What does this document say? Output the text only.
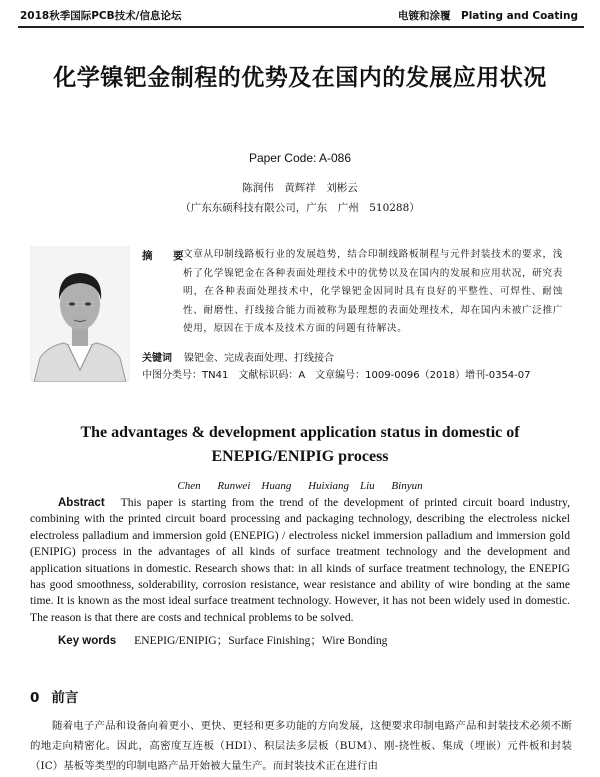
2018秋季国际PCB技术/信息论坛	电镀和涂覆　Plating and Coating
化学镍钯金制程的优势及在国内的发展应用状况
Paper Code: A-086
陈润伟　黄辉祥　刘彬云
（广东东硕科技有限公司，广东　广州　510288）
摘　要
文章从印制线路板行业的发展趋势，结合印制线路板制程与元件封装技术的要求，浅析了化学镍钯金在各种表面处理技术中的优势以及在国内的发展和应用状况，研究表明，在各种表面处理技术中，化学镍钯金因同时具有良好的平整性、可焊性、耐蚀性、耐磨性、打线接合能力而被称为最理想的表面处理技术，却在国内未被广泛推广使用，原因在于成本及技术方面的问题有待解决。
关键词 镍钯金、完成表面处理、打线接合
中图分类号：TN41　文献标识码：A　文章编号：1009-0096（2018）增刊-0354-07
The advantages & development application status in domestic of ENEPIG/ENIPIG process
Chen Runwei　Huang Huixiang　Liu Binyun
Abstract This paper is starting from the trend of the development of printed circuit board industry, combining with the printed circuit board processing and packaging technology, describing the electroless nickel electroless palladium and immersion gold (ENEPIG) / electroless nickel immersion palladium and immersion gold (ENIPIG) process in the advantages of all kinds of surface treatment technology and the development and application situations in domestic. Research shows that: in all kinds of surface treatment technology, the ENEPIG has good smoothness, solderability, corrosion resistance, wear resistance and ability of wire bonding at the same time. It is known as the most ideal surface treatment technology. However, it has not been widely used in domestic. The reason is that there are costs and technical problems to be solved.
Key words ENEPIG/ENIPIG；Surface Finishing；Wire Bonding
0 前言
随着电子产品和设备向着更小、更快、更轻和更多功能的方向发展，这便要求印制电路产品和封装技术必须不断的地走向精密化。因此，高密度互连板（HDI）、积层法多层板（BUM）、刚-挠性板、集成（埋嵌）元件板和封装（IC）基板等类型的印制电路产品开始被大量生产。而封装技术正在进行由
